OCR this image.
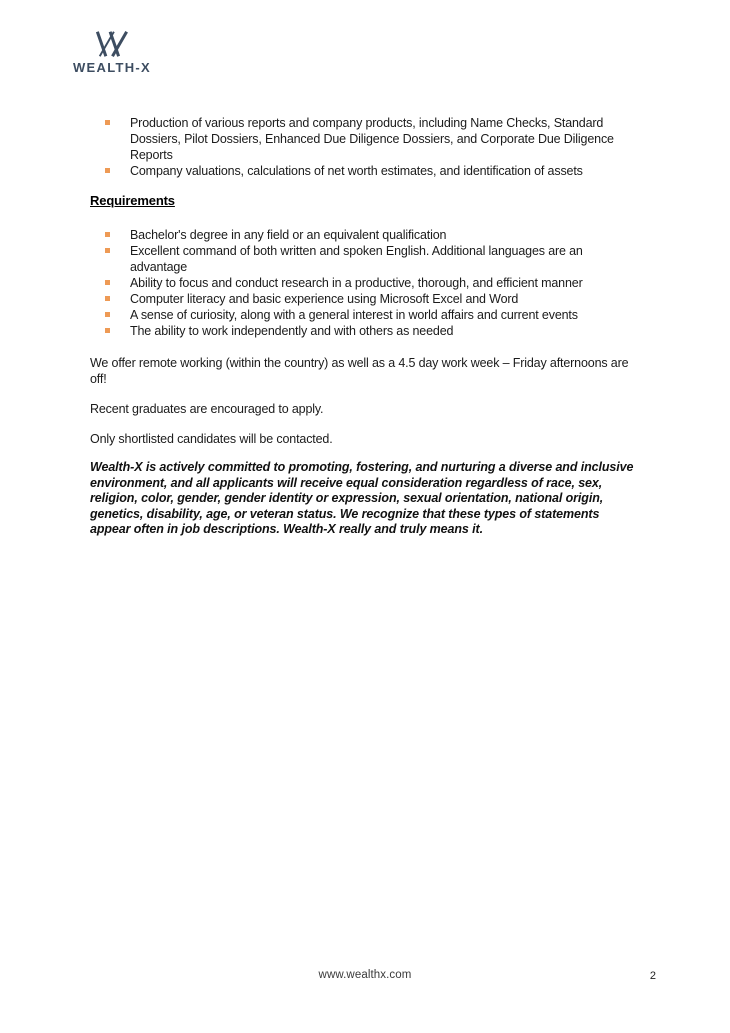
WEALTH-X
Production of various reports and company products, including Name Checks, Standard Dossiers, Pilot Dossiers, Enhanced Due Diligence Dossiers, and Corporate Due Diligence Reports
Company valuations, calculations of net worth estimates, and identification of assets
Requirements
Bachelor's degree in any field or an equivalent qualification
Excellent command of both written and spoken English. Additional languages are an advantage
Ability to focus and conduct research in a productive, thorough, and efficient manner
Computer literacy and basic experience using Microsoft Excel and Word
A sense of curiosity, along with a general interest in world affairs and current events
The ability to work independently and with others as needed

We offer remote working (within the country) as well as a 4.5 day work week – Friday afternoons are off!

Recent graduates are encouraged to apply.

Only shortlisted candidates will be contacted.

Wealth-X is actively committed to promoting, fostering, and nurturing a diverse and inclusive environment, and all applicants will receive equal consideration regardless of race, sex, religion, color, gender, gender identity or expression, sexual orientation, national origin, genetics, disability, age, or veteran status. We recognize that these types of statements appear often in job descriptions. Wealth-X really and truly means it.

www.wealthx.com	2
